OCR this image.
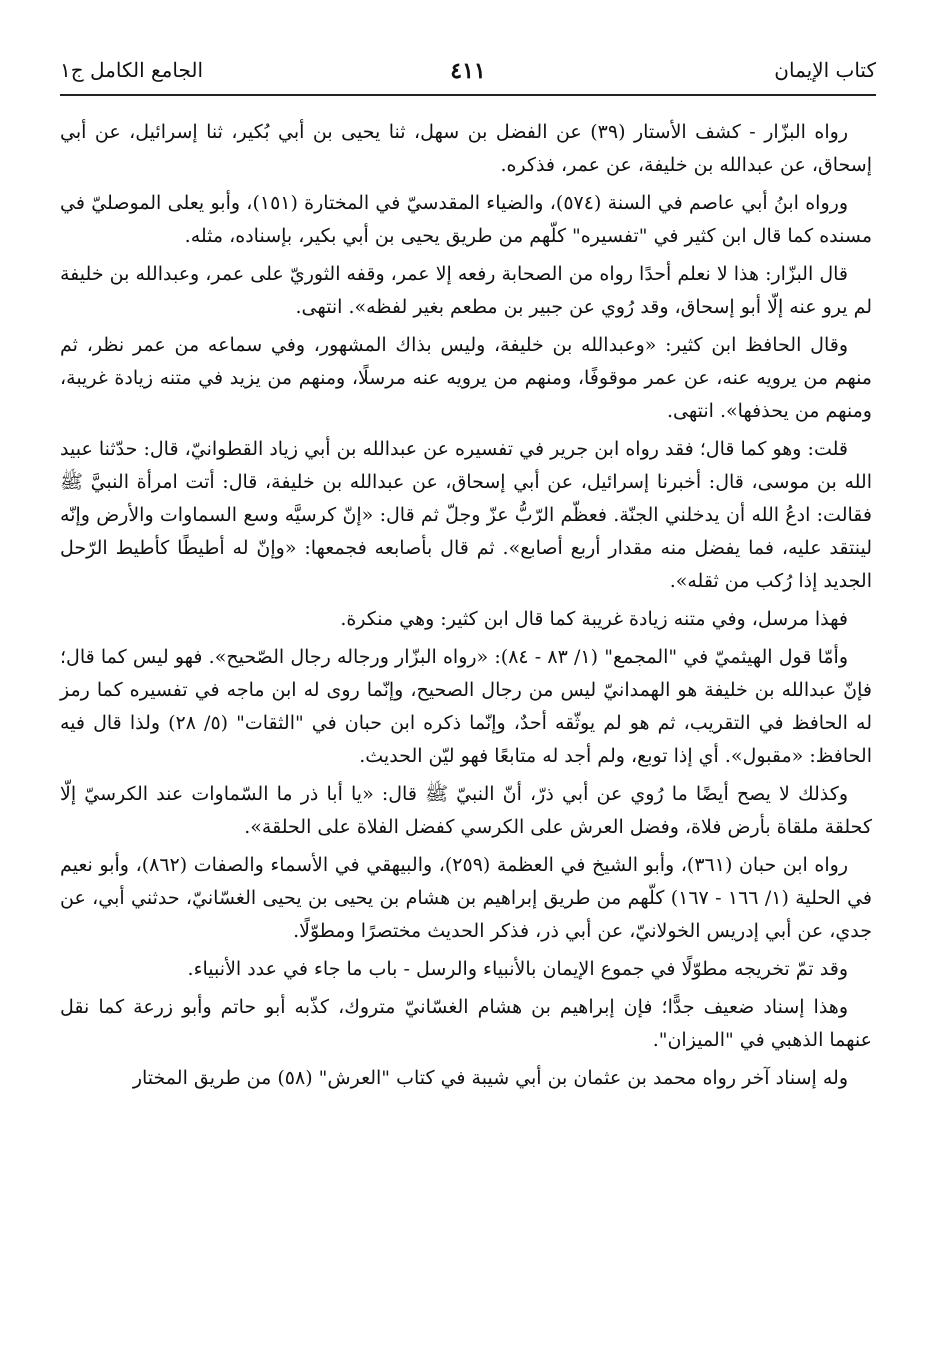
كتاب الإيمان
٤١١
الجامع الكامل ج١

رواه البزّار - كشف الأستار (٣٩) عن الفضل بن سهل، ثنا يحيى بن أبي بُكير، ثنا إسرائيل، عن أبي إسحاق، عن عبدالله بن خليفة، عن عمر، فذكره.

ورواه ابنُ أبي عاصم في السنة (٥٧٤)، والضياء المقدسيّ في المختارة (١٥١)، وأبو يعلى الموصليّ في مسنده كما قال ابن كثير في "تفسيره" كلّهم من طريق يحيى بن أبي بكير، بإسناده، مثله.

قال البزّار: هذا لا نعلم أحدًا رواه من الصحابة رفعه إلا عمر، وقفه الثوريّ على عمر، وعبدالله بن خليفة لم يرو عنه إلّا أبو إسحاق، وقد رُوي عن جبير بن مطعم بغير لفظه». انتهى.

وقال الحافظ ابن كثير: «وعبدالله بن خليفة، وليس بذاك المشهور، وفي سماعه من عمر نظر، ثم منهم من يرويه عنه، عن عمر موقوفًا، ومنهم من يرويه عنه مرسلًا، ومنهم من يزيد في متنه زيادة غريبة، ومنهم من يحذفها». انتهى.

قلت: وهو كما قال؛ فقد رواه ابن جرير في تفسيره عن عبدالله بن أبي زياد القطوانيّ، قال: حدّثنا عبيد الله بن موسى، قال: أخبرنا إسرائيل، عن أبي إسحاق، عن عبدالله بن خليفة، قال: أتت امرأة النبيَّ ﷺ فقالت: ادعُ الله أن يدخلني الجنّة. فعظّم الرّبُّ عزّ وجلّ ثم قال: «إنّ كرسيَّه وسع السماوات والأرض وإنّه لينتقد عليه، فما يفضل منه مقدار أربع أصابع». ثم قال بأصابعه فجمعها: «وإنّ له أطيطًا كأطيط الرّحل الجديد إذا رُكب من ثقله».

فهذا مرسل، وفي متنه زيادة غريبة كما قال ابن كثير: وهي منكرة.

وأمّا قول الهيثميّ في "المجمع" (١/ ٨٣ - ٨٤): «رواه البزّار ورجاله رجال الصّحيح». فهو ليس كما قال؛ فإنّ عبدالله بن خليفة هو الهمدانيّ ليس من رجال الصحيح، وإنّما روى له ابن ماجه في تفسيره كما رمز له الحافظ في التقريب، ثم هو لم يوثّقه أحدٌ، وإنّما ذكره ابن حبان في "الثقات" (٥/ ٢٨) ولذا قال فيه الحافظ: «مقبول». أي إذا توبع، ولم أجد له متابعًا فهو ليّن الحديث.

وكذلك لا يصح أيضًا ما رُوي عن أبي ذرّ، أنّ النبيّ ﷺ قال: «يا أبا ذر ما السّماوات عند الكرسيّ إلّا كحلقة ملقاة بأرض فلاة، وفضل العرش على الكرسي كفضل الفلاة على الحلقة».

رواه ابن حبان (٣٦١)، وأبو الشيخ في العظمة (٢٥٩)، والبيهقي في الأسماء والصفات (٨٦٢)، وأبو نعيم في الحلية (١/ ١٦٦ - ١٦٧) كلّهم من طريق إبراهيم بن هشام بن يحيى بن يحيى الغسّانيّ، حدثني أبي، عن جدي، عن أبي إدريس الخولانيّ، عن أبي ذر، فذكر الحديث مختصرًا ومطوّلًا.

وقد تمّ تخريجه مطوّلًا في جموع الإيمان بالأنبياء والرسل - باب ما جاء في عدد الأنبياء.

وهذا إسناد ضعيف جدًّا؛ فإن إبراهيم بن هشام الغسّانيّ متروك، كذّبه أبو حاتم وأبو زرعة كما نقل عنهما الذهبي في "الميزان".

وله إسناد آخر رواه محمد بن عثمان بن أبي شيبة في كتاب "العرش" (٥٨) من طريق المختار
